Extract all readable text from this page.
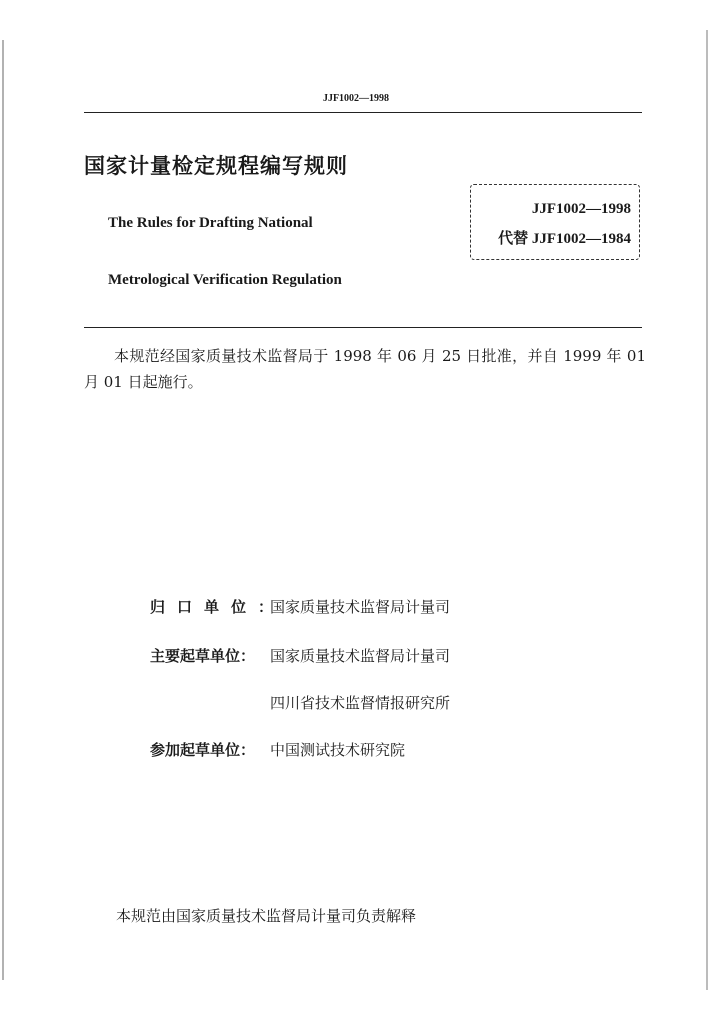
JJF1002—1998
国家计量检定规程编写规则
The Rules for Drafting National
Metrological Verification Regulation
JJF1002—1998
代替 JJF1002—1984
本规范经国家质量技术监督局于 1998 年 06 月 25 日批准，并自 1999 年 01 月 01 日起施行。
归口单位：
国家质量技术监督局计量司
主要起草单位： 国家质量技术监督局计量司
四川省技术监督情报研究所
参加起草单位： 中国测试技术研究院
本规范由国家质量技术监督局计量司负责解释
